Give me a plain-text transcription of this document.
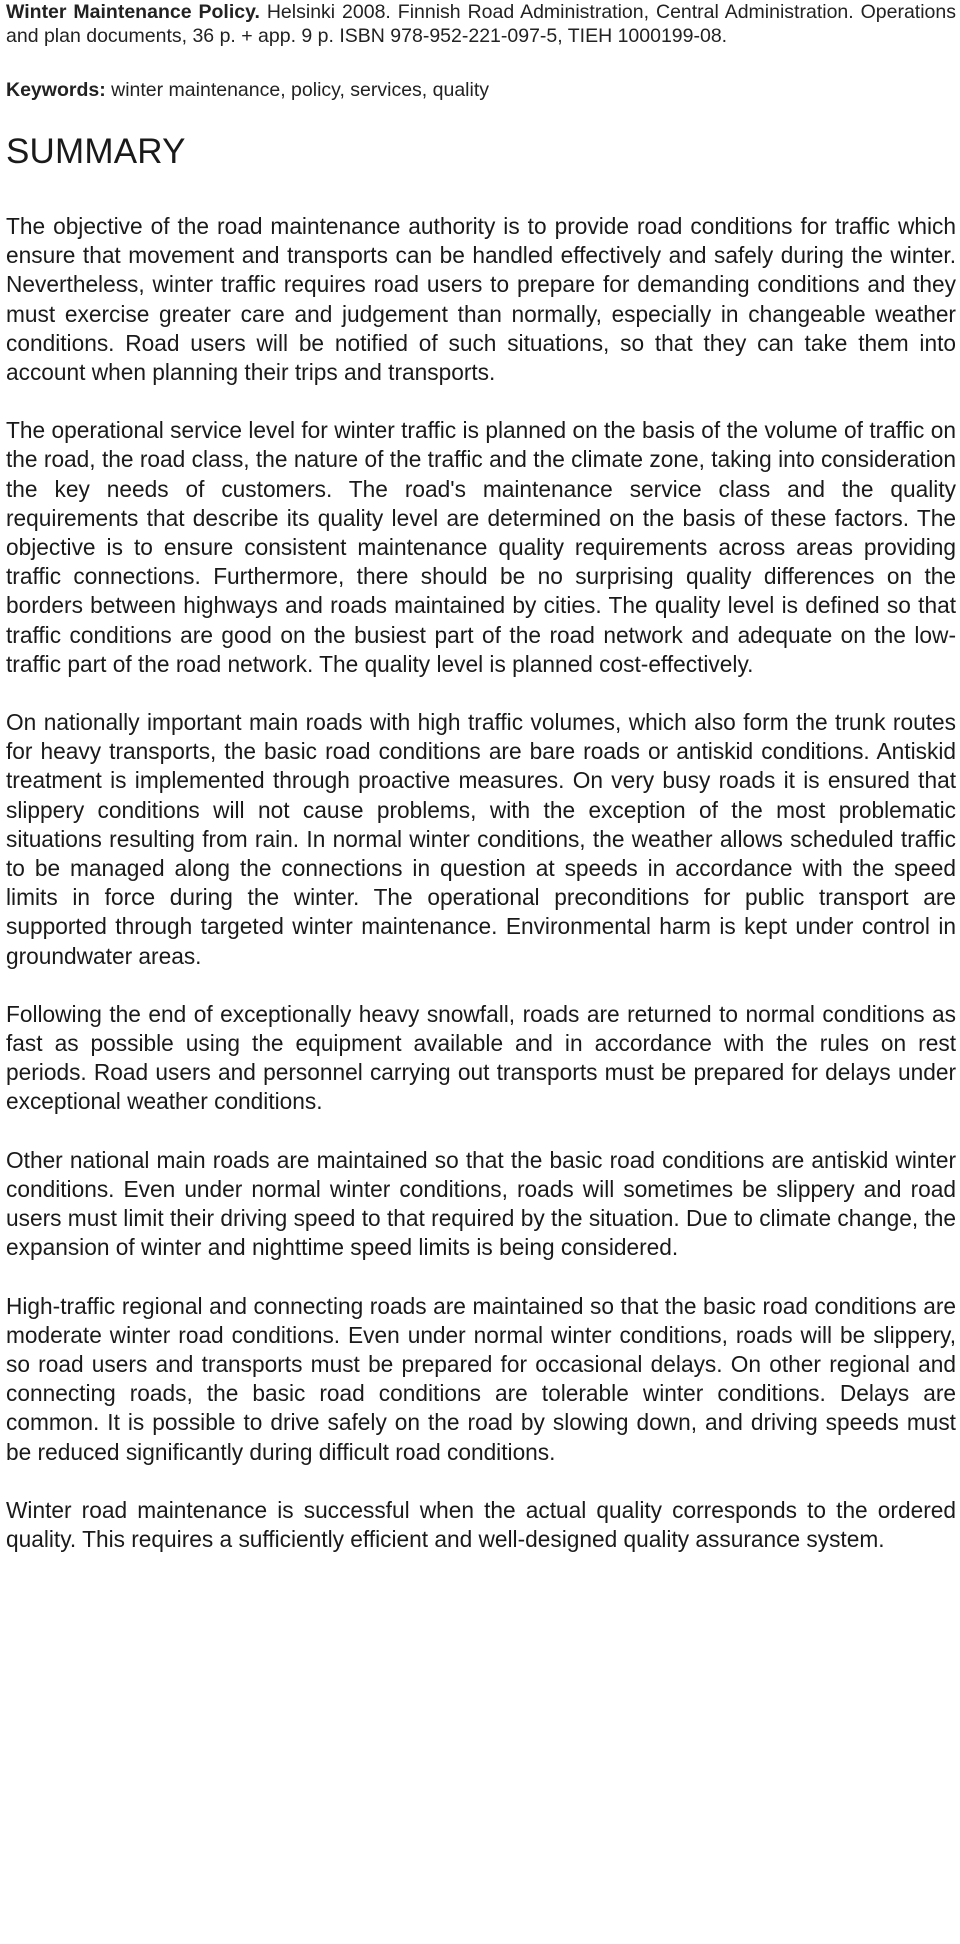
Winter Maintenance Policy. Helsinki 2008. Finnish Road Administration, Central Administration. Operations and plan documents, 36 p. + app. 9 p. ISBN 978-952-221-097-5, TIEH 1000199-08.

Keywords: winter maintenance, policy, services, quality

SUMMARY

The objective of the road maintenance authority is to provide road conditions for traffic which ensure that movement and transports can be handled effectively and safely during the winter. Nevertheless, winter traffic requires road users to prepare for demanding conditions and they must exercise greater care and judgement than normally, especially in changeable weather conditions. Road users will be notified of such situations, so that they can take them into account when planning their trips and transports.

The operational service level for winter traffic is planned on the basis of the volume of traffic on the road, the road class, the nature of the traffic and the climate zone, taking into consideration the key needs of customers. The road's maintenance service class and the quality requirements that describe its quality level are determined on the basis of these factors. The objective is to ensure consistent maintenance quality requirements across areas providing traffic connections. Furthermore, there should be no surprising quality differences on the borders between highways and roads maintained by cities. The quality level is defined so that traffic conditions are good on the busiest part of the road network and adequate on the low-traffic part of the road network. The quality level is planned cost-effectively.

On nationally important main roads with high traffic volumes, which also form the trunk routes for heavy transports, the basic road conditions are bare roads or antiskid conditions. Antiskid treatment is implemented through proactive measures. On very busy roads it is ensured that slippery conditions will not cause problems, with the exception of the most problematic situations resulting from rain. In normal winter conditions, the weather allows scheduled traffic to be managed along the connections in question at speeds in accordance with the speed limits in force during the winter. The operational preconditions for public transport are supported through targeted winter maintenance. Environmental harm is kept under control in groundwater areas.

Following the end of exceptionally heavy snowfall, roads are returned to normal conditions as fast as possible using the equipment available and in accordance with the rules on rest periods. Road users and personnel carrying out transports must be prepared for delays under exceptional weather conditions.

Other national main roads are maintained so that the basic road conditions are antiskid winter conditions. Even under normal winter conditions, roads will sometimes be slippery and road users must limit their driving speed to that required by the situation. Due to climate change, the expansion of winter and nighttime speed limits is being considered.

High-traffic regional and connecting roads are maintained so that the basic road conditions are moderate winter road conditions. Even under normal winter conditions, roads will be slippery, so road users and transports must be prepared for occasional delays. On other regional and connecting roads, the basic road conditions are tolerable winter conditions. Delays are common. It is possible to drive safely on the road by slowing down, and driving speeds must be reduced significantly during difficult road conditions.

Winter road maintenance is successful when the actual quality corresponds to the ordered quality. This requires a sufficiently efficient and well-designed quality assurance system.
